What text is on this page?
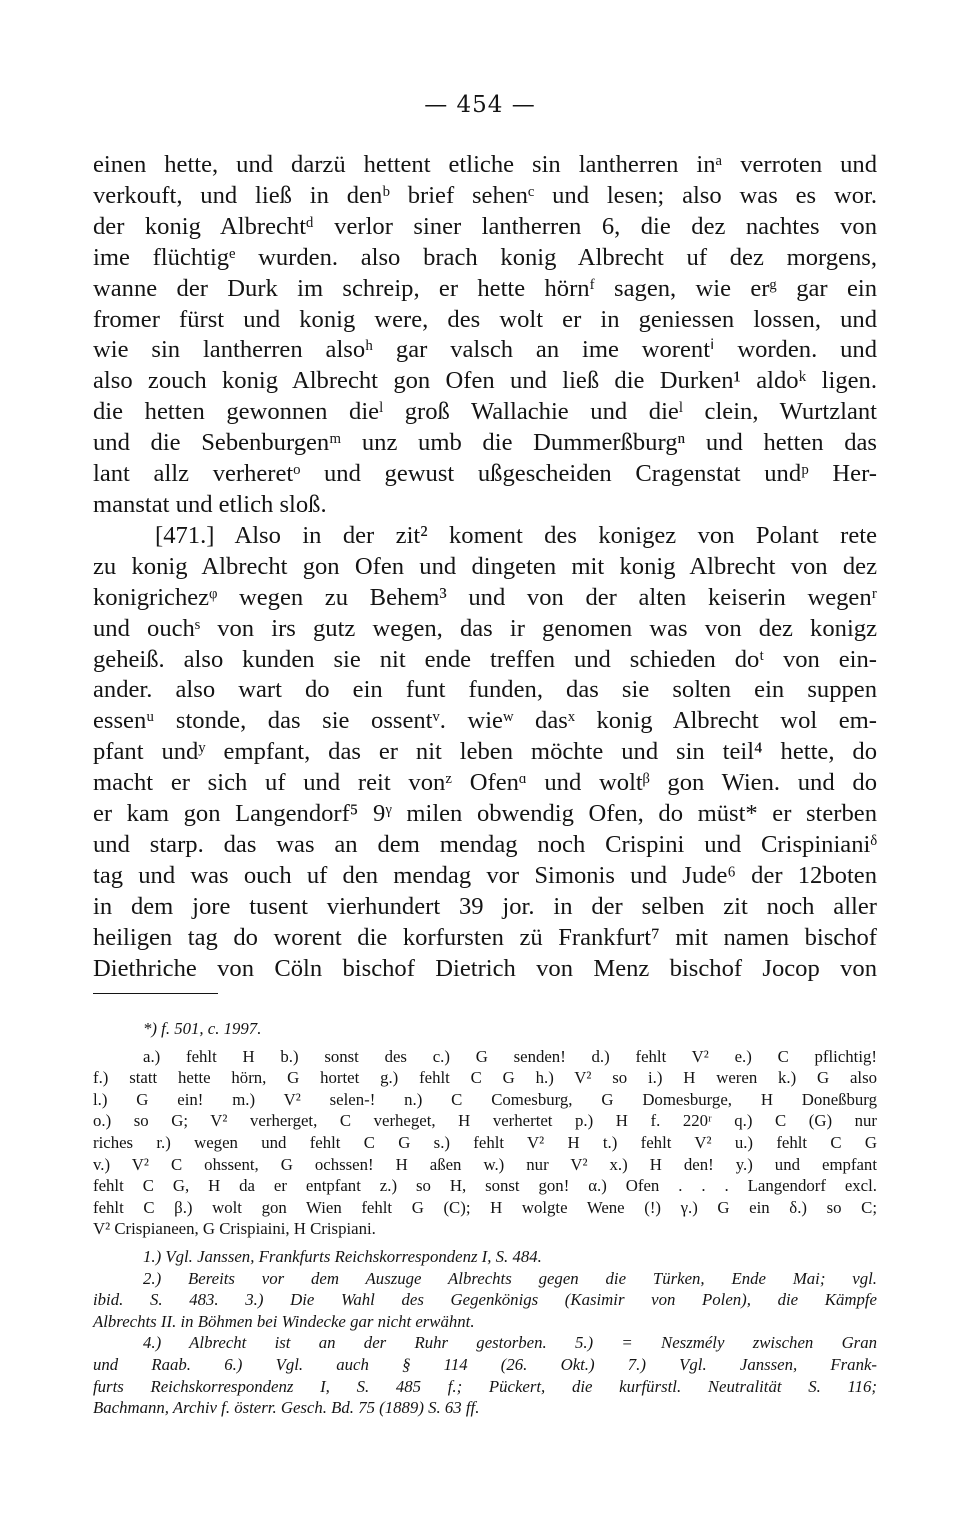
— 454 —
einen hette, und darzü hettent etliche sin lantherren inᵃ verroten und
verkouft, und ließ in denᵇ brief sehenᶜ und lesen; also was es wor.
der konig Albrechtᵈ verlor siner lantherren 6, die dez nachtes von
ime flüchtigᵉ wurden. also brach konig Albrecht uf dez morgens,
wanne der Durk im schreip, er hette hörnᶠ sagen, wie erᵍ gar ein
fromer fürst und konig were, des wolt er in geniessen lossen, und
wie sin lantherren alsoʰ gar valsch an ime worentⁱ worden. und
also zouch konig Albrecht gon Ofen und ließ die Durken¹ aldoᵏ ligen.
die hetten gewonnen dieˡ groß Wallachie und dieˡ clein, Wurtzlant
und die Sebenburgenᵐ unz umb die Dummerßburgⁿ und hetten das
lant allz verheretᵒ und gewust ußgescheiden Cragenstat undᵖ Her-
manstat und etlich sloß.
[471.] Also in der zit² koment des konigez von Polant rete
zu konig Albrecht gon Ofen und dingeten mit konig Albrecht von dez
konigrichezᵠ wegen zu Behem³ und von der alten keiserin wegenʳ
und ouchˢ von irs gutz wegen, das ir genomen was von dez konigz
geheiß. also kunden sie nit ende treffen und schieden doᵗ von ein-
ander. also wart do ein funt funden, das sie solten ein suppen
essenᵘ stonde, das sie ossentᵛ. wieʷ dasˣ konig Albrecht wol em-
pfant undʸ empfant, das er nit leben möchte und sin teil⁴ hette, do
macht er sich uf und reit vonᶻ Ofenᵅ und woltᵝ gon Wien. und do
er kam gon Langendorf⁵ 9ᵞ milen obwendig Ofen, do müst* er sterben
und starp. das was an dem mendag noch Crispini und Crispinianiᵟ
tag und was ouch uf den mendag vor Simonis und Jude⁶ der 12boten
in dem jore tusent vierhundert 39 jor. in der selben zit noch aller
heiligen tag do worent die korfursten zü Frankfurt⁷ mit namen bischof
Diethriche von Cöln bischof Dietrich von Menz bischof Jocop von
*) f. 501, c. 1997.
a.) fehlt H b.) sonst des c.) G senden! d.) fehlt V² e.) C pflichtig!
f.) statt hette hörn, G hortet g.) fehlt C G h.) V² so i.) H weren k.) G also
l.) G ein! m.) V² selen-! n.) C Comesburg, G Domesburge, H Doneßburg
o.) so G; V² verherget, C verheget, H verhertet p.) H f. 220ʳ q.) C (G) nur
riches r.) wegen und fehlt C G s.) fehlt V² H t.) fehlt V² u.) fehlt C G
v.) V² C ohssent, G ochssen! H aßen w.) nur V² x.) H den! y.) und empfant
fehlt C G, H da er entpfant z.) so H, sonst gon! α.) Ofen . . . Langendorf excl.
fehlt C β.) wolt gon Wien fehlt G (C); H wolgte Wene (!) γ.) G ein δ.) so C;
V² Crispianeen, G Crispiaini, H Crispiani.
1.) Vgl. Janssen, Frankfurts Reichskorrespondenz I, S. 484.
2.) Bereits vor dem Auszuge Albrechts gegen die Türken, Ende Mai; vgl.
ibid. S. 483. 3.) Die Wahl des Gegenkönigs (Kasimir von Polen), die Kämpfe
Albrechts II. in Böhmen bei Windecke gar nicht erwähnt.
4.) Albrecht ist an der Ruhr gestorben. 5.) = Neszmély zwischen Gran
und Raab. 6.) Vgl. auch § 114 (26. Okt.) 7.) Vgl. Janssen, Frank-
furts Reichskorrespondenz I, S. 485 f.; Pückert, die kurfürstl. Neutralität S. 116;
Bachmann, Archiv f. österr. Gesch. Bd. 75 (1889) S. 63 ff.
